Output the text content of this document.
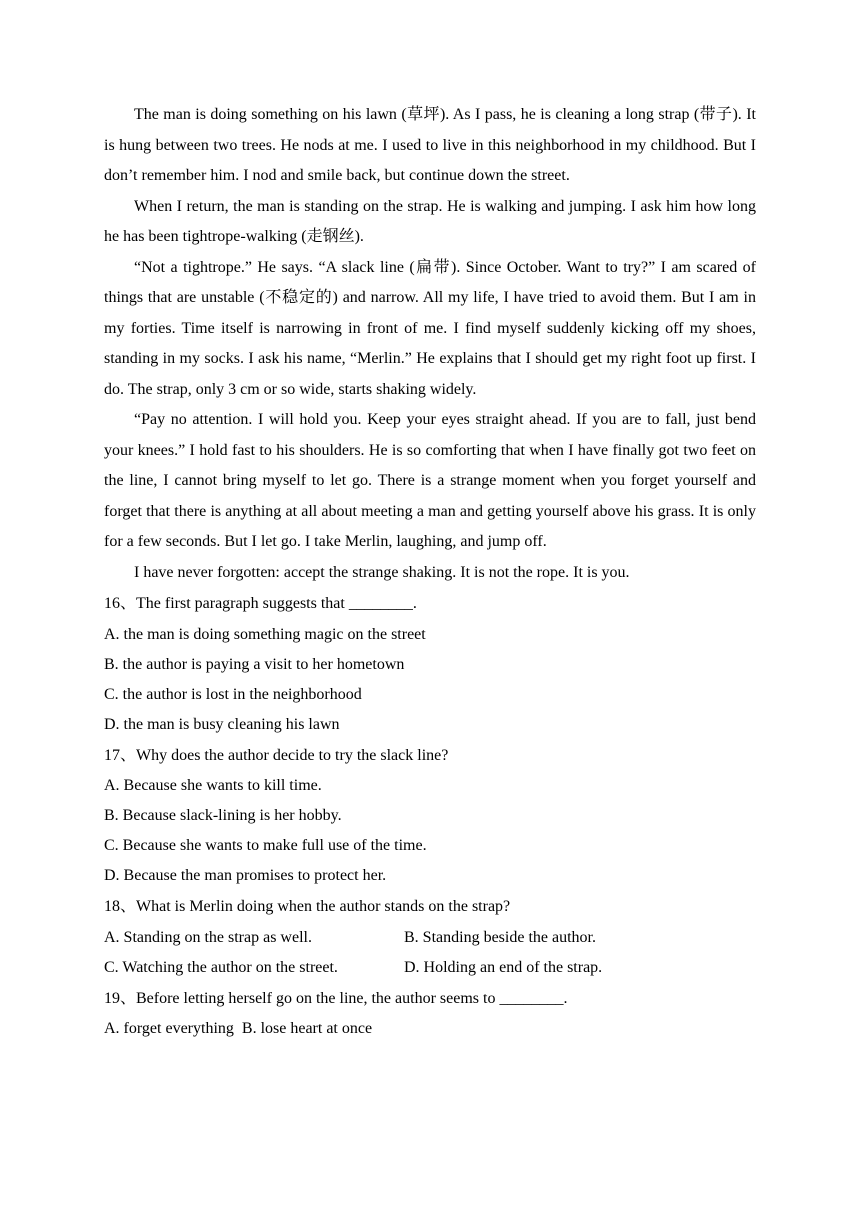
The man is doing something on his lawn (草坪). As I pass, he is cleaning a long strap (带子). It is hung between two trees. He nods at me. I used to live in this neighborhood in my childhood. But I don’t remember him. I nod and smile back, but continue down the street.

When I return, the man is standing on the strap. He is walking and jumping. I ask him how long he has been tightrope-walking (走钢丝).

“Not a tightrope.” He says. “A slack line (扁带). Since October. Want to try?” I am scared of things that are unstable (不稳定的) and narrow. All my life, I have tried to avoid them. But I am in my forties. Time itself is narrowing in front of me. I find myself suddenly kicking off my shoes, standing in my socks. I ask his name, “Merlin.” He explains that I should get my right foot up first. I do. The strap, only 3 cm or so wide, starts shaking widely.

“Pay no attention. I will hold you. Keep your eyes straight ahead. If you are to fall, just bend your knees.” I hold fast to his shoulders. He is so comforting that when I have finally got two feet on the line, I cannot bring myself to let go. There is a strange moment when you forget yourself and forget that there is anything at all about meeting a man and getting yourself above his grass. It is only for a few seconds. But I let go. I take Merlin, laughing, and jump off.

I have never forgotten: accept the strange shaking. It is not the rope. It is you.

16、The first paragraph suggests that ________.

A. the man is doing something magic on the street

B. the author is paying a visit to her hometown

C. the author is lost in the neighborhood

D. the man is busy cleaning his lawn

17、Why does the author decide to try the slack line?

A. Because she wants to kill time.

B. Because slack-lining is her hobby.

C. Because she wants to make full use of the time.

D. Because the man promises to protect her.

18、What is Merlin doing when the author stands on the strap?

A. Standing on the strap as well.	B. Standing beside the author.
C. Watching the author on the street.	D. Holding an end of the strap.

19、Before letting herself go on the line, the author seems to ________.

A. forget everything  B. lose heart at once
